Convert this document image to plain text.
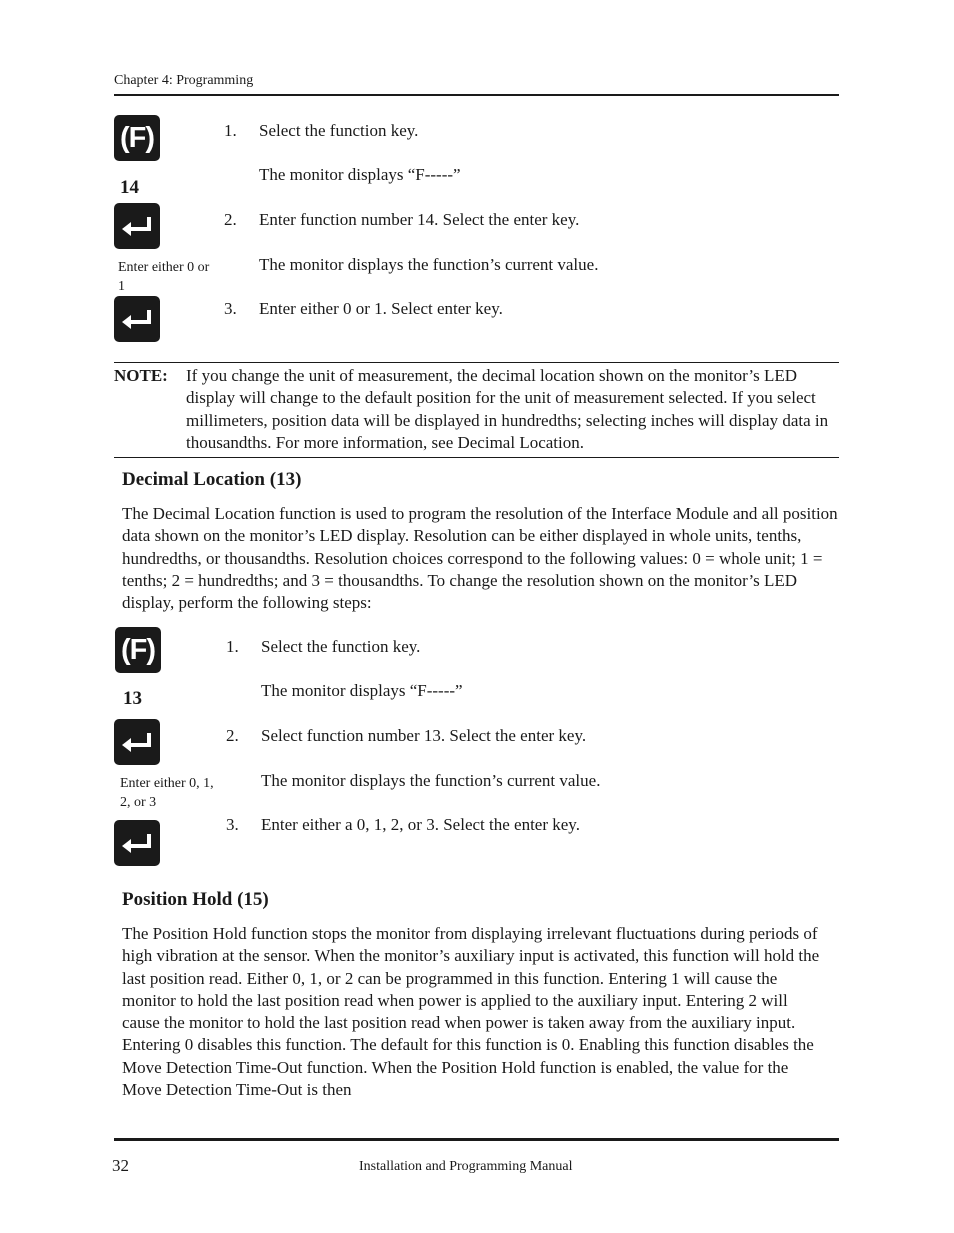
Chapter 4: Programming
(F)
14
Enter either 0 or 1
1. Select the function key.
The monitor displays “F-----”
2. Enter function number 14. Select the enter key.
The monitor displays the function’s current value.
3. Enter either 0 or 1. Select enter key.
NOTE: If you change the unit of measurement, the decimal location shown on the monitor’s LED display will change to the default position for the unit of measurement selected. If you select millimeters, position data will be displayed in hundredths; selecting inches will display data in thousandths. For more information, see Decimal Location.
Decimal Location (13)

The Decimal Location function is used to program the resolution of the Interface Module and all position data shown on the monitor’s LED display. Resolution can be either displayed in whole units, tenths, hundredths, or thousandths. Resolution choices correspond to the following values: 0 = whole unit; 1 = tenths; 2 = hundredths; and 3 = thousandths. To change the resolution shown on the monitor’s LED display, perform the following steps:

(F)
13
Enter either 0, 1, 2, or 3
1. Select the function key.
The monitor displays “F-----”
2. Select function number 13. Select the enter key.
The monitor displays the function’s current value.
3. Enter either a 0, 1, 2, or 3. Select the enter key.
Position Hold (15)

The Position Hold function stops the monitor from displaying irrelevant fluctuations during periods of high vibration at the sensor. When the monitor’s auxiliary input is activated, this function will hold the last position read. Either 0, 1, or 2 can be programmed in this function. Entering 1 will cause the monitor to hold the last position read when power is applied to the auxiliary input. Entering 2 will cause the monitor to hold the last position read when power is taken away from the auxiliary input. Entering 0 disables this function. The default for this function is 0. Enabling this function disables the Move Detection Time-Out function. When the Position Hold function is enabled, the value for the Move Detection Time-Out is then

32	Installation and Programming Manual
